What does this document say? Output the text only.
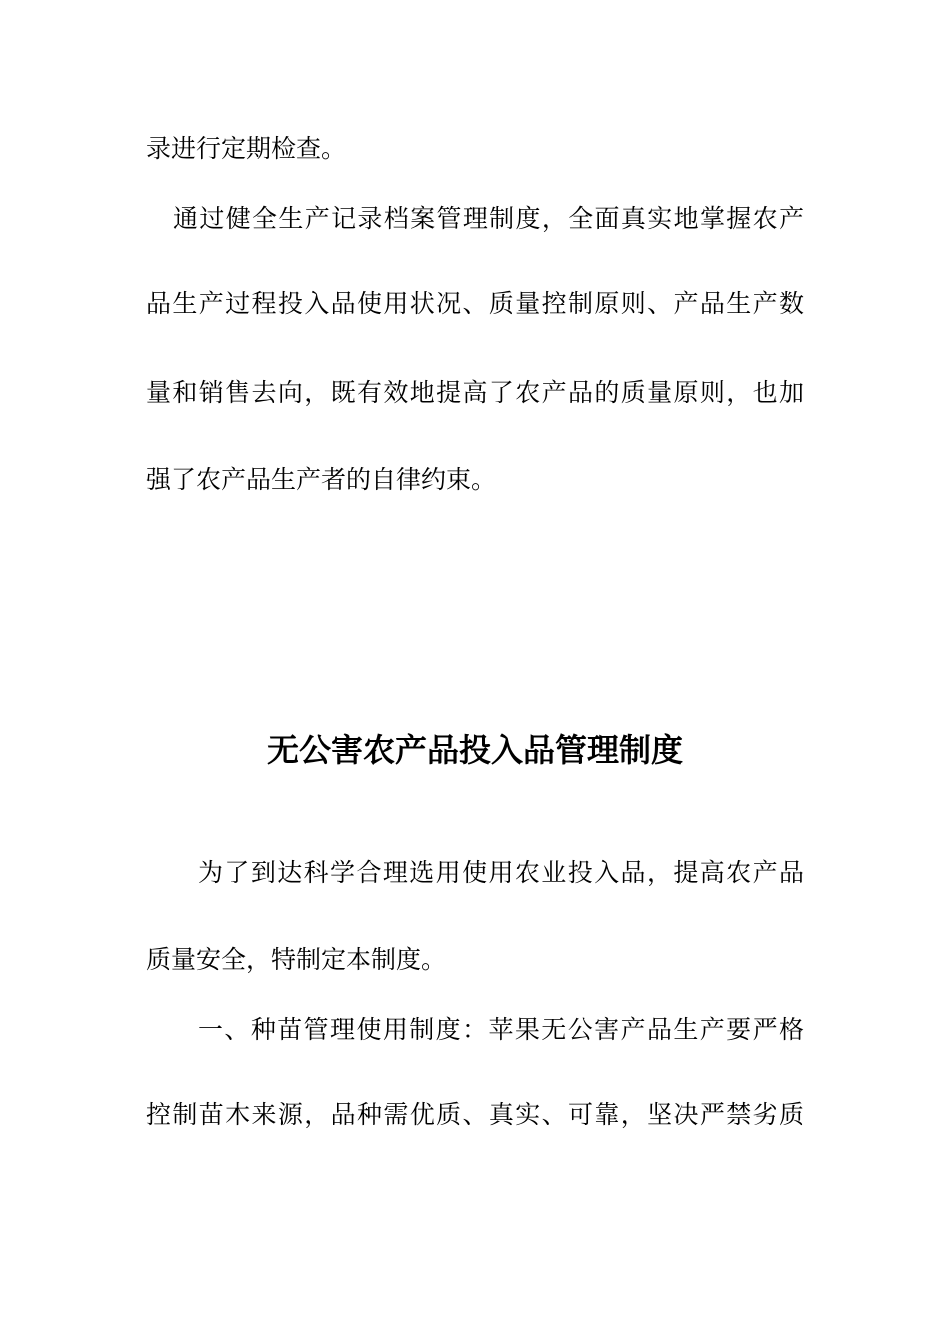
录进行定期检查。

通过健全生产记录档案管理制度，全面真实地掌握农产

品生产过程投入品使用状况、质量控制原则、产品生产数

量和销售去向，既有效地提高了农产品的质量原则，也加

强了农产品生产者的自律约束。

无公害农产品投入品管理制度

为了到达科学合理选用使用农业投入品，提高农产品

质量安全，特制定本制度。

一、种苗管理使用制度：苹果无公害产品生产要严格

控制苗木来源，品种需优质、真实、可靠，坚决严禁劣质
